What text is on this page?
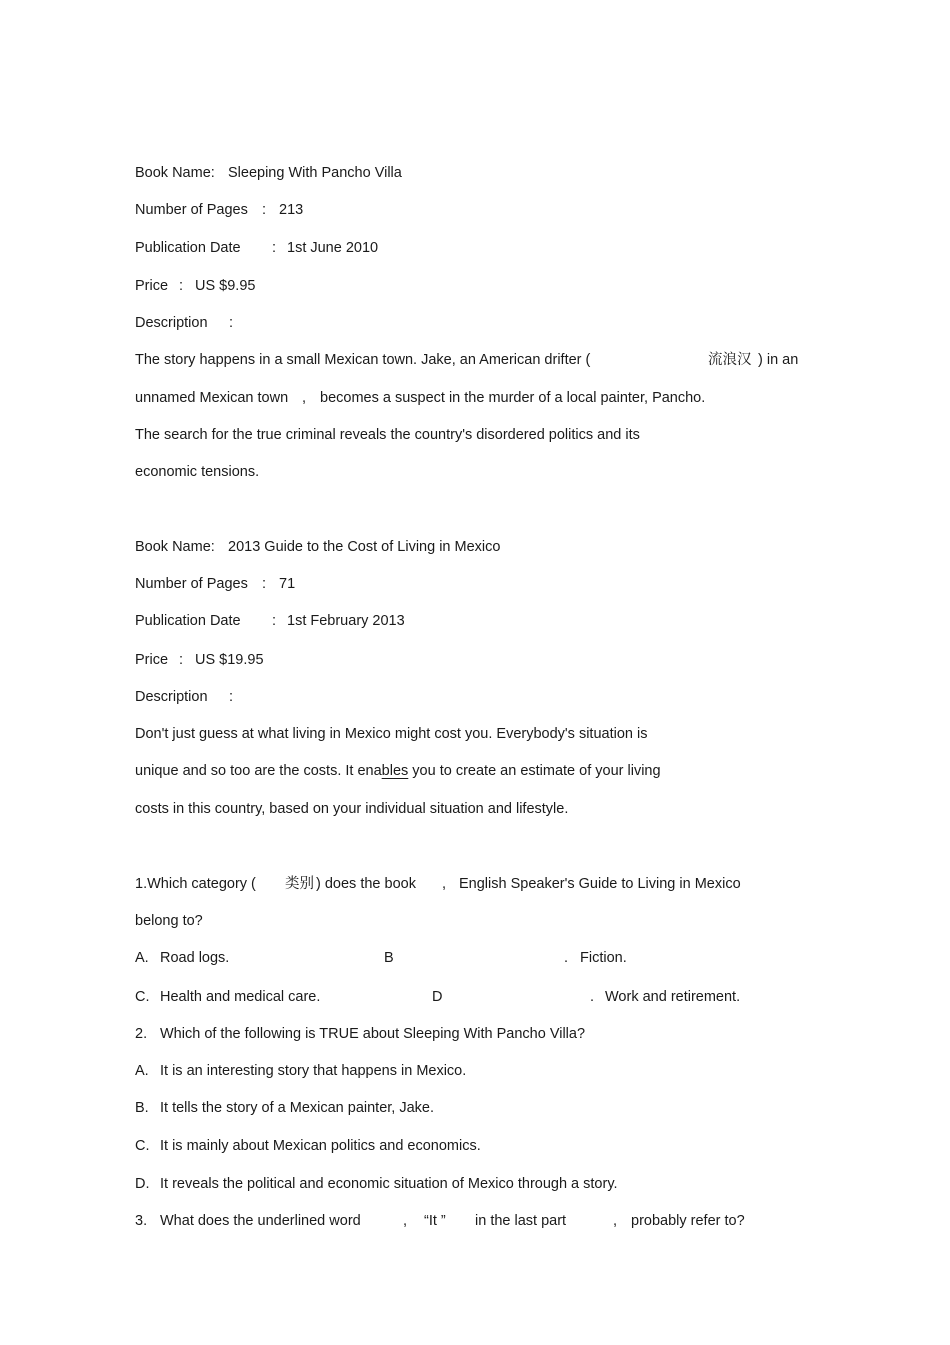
Book Name: Sleeping With Pancho Villa
Number of Pages : 213
Publication Date : 1st June 2010
Price : US $9.95
Description :
The story happens in a small Mexican town. Jake, an American drifter (	流浪汉 ) in an
unnamed Mexican town , becomes a suspect in the murder of a local painter, Pancho.
The search for the true criminal reveals the country's disordered politics and its
economic tensions.
Book Name: 2013 Guide to the Cost of Living in Mexico
Number of Pages : 71
Publication Date : 1st February 2013
Price : US $19.95
Description :
Don't just guess at what living in Mexico might cost you. Everybody's situation is
unique and so too are the costs. It enables you to create an estimate of your living
costs in this country, based on your individual situation and lifestyle.
1.Which category ( 类别 ) does the book , English Speaker's Guide to Living in Mexico
belong to?
A. Road logs.	B	. Fiction.
C. Health and medical care.	D	. Work and retirement.
2. Which of the following is TRUE about Sleeping With Pancho Villa?
A. It is an interesting story that happens in Mexico.
B. It tells the story of a Mexican painter, Jake.
C. It is mainly about Mexican politics and economics.
D. It reveals the political and economic situation of Mexico through a story.
3. What does the underlined word	, “It ” in the last part	, probably refer to?
